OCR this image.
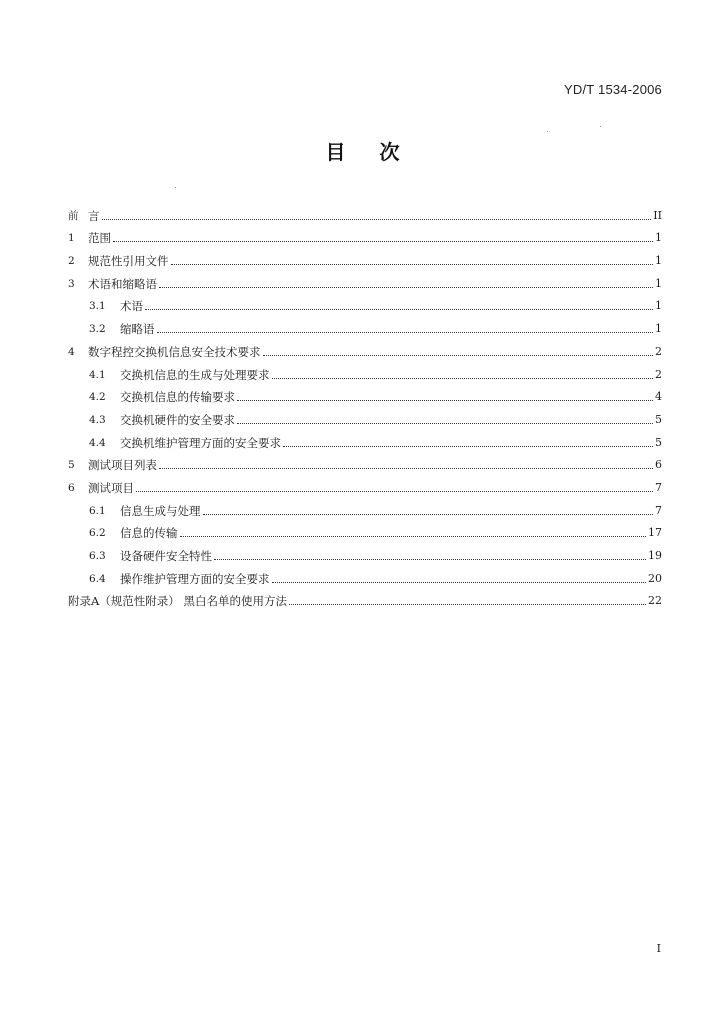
YD/T 1534-2006
目次
前 言	II
1	范围	1
2	规范性引用文件	1
3	术语和缩略语	1
3.1	术语	1
3.2	缩略语	1
4	数字程控交换机信息安全技术要求	2
4.1	交换机信息的生成与处理要求	2
4.2	交换机信息的传输要求	4
4.3	交换机硬件的安全要求	5
4.4	交换机维护管理方面的安全要求	5
5	测试项目列表	6
6	测试项目	7
6.1	信息生成与处理	7
6.2	信息的传输	17
6.3	设备硬件安全特性	19
6.4	操作维护管理方面的安全要求	20
附录A（规范性附录） 黑白名单的使用方法	22
I
